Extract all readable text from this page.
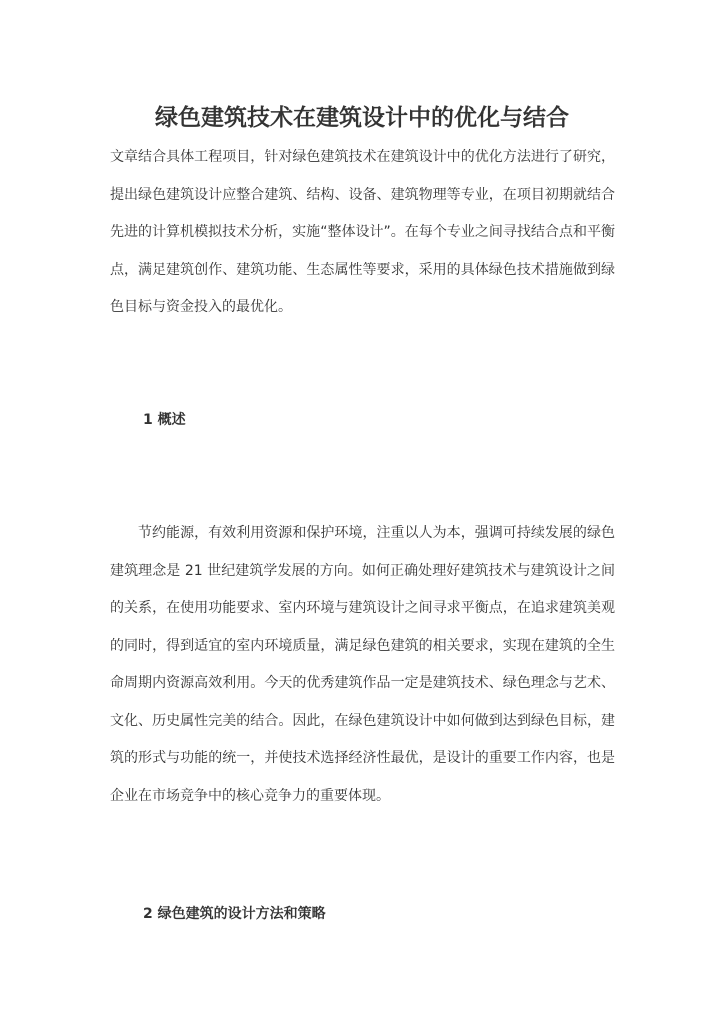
绿色建筑技术在建筑设计中的优化与结合

文章结合具体工程项目，针对绿色建筑技术在建筑设计中的优化方法进行了研究，提出绿色建筑设计应整合建筑、结构、设备、建筑物理等专业，在项目初期就结合先进的计算机模拟技术分析，实施“整体设计”。在每个专业之间寻找结合点和平衡点，满足建筑创作、建筑功能、生态属性等要求，采用的具体绿色技术措施做到绿色目标与资金投入的最优化。

1 概述

节约能源，有效利用资源和保护环境，注重以人为本，强调可持续发展的绿色建筑理念是 21 世纪建筑学发展的方向。如何正确处理好建筑技术与建筑设计之间的关系，在使用功能要求、室内环境与建筑设计之间寻求平衡点，在追求建筑美观的同时，得到适宜的室内环境质量，满足绿色建筑的相关要求，实现在建筑的全生命周期内资源高效利用。今天的优秀建筑作品一定是建筑技术、绿色理念与艺术、文化、历史属性完美的结合。因此，在绿色建筑设计中如何做到达到绿色目标，建筑的形式与功能的统一，并使技术选择经济性最优，是设计的重要工作内容，也是企业在市场竞争中的核心竞争力的重要体现。

2 绿色建筑的设计方法和策略
